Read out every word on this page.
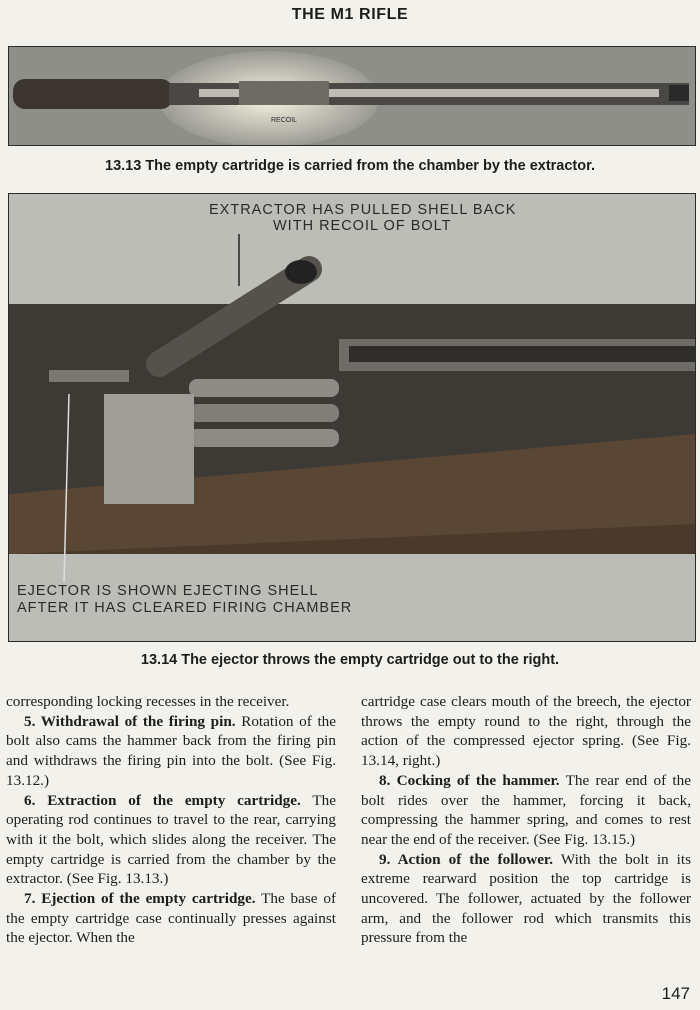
THE M1 RIFLE
RECOIL
13.13 The empty cartridge is carried from the chamber by the extractor.
EXTRACTOR HAS PULLED SHELL BACK
WITH RECOIL OF BOLT
EJECTOR IS SHOWN EJECTING SHELL
AFTER IT HAS CLEARED FIRING CHAMBER
13.14 The ejector throws the empty cartridge out to the right.

corresponding locking recesses in the receiver.

5. Withdrawal of the firing pin. Rotation of the bolt also cams the hammer back from the firing pin and withdraws the firing pin into the bolt. (See Fig. 13.12.)

6. Extraction of the empty cartridge. The operating rod continues to travel to the rear, carrying with it the bolt, which slides along the receiver. The empty cartridge is carried from the chamber by the extractor. (See Fig. 13.13.)

7. Ejection of the empty cartridge. The base of the empty cartridge case continually presses against the ejector. When the

cartridge case clears mouth of the breech, the ejector throws the empty round to the right, through the action of the compressed ejector spring. (See Fig. 13.14, right.)

8. Cocking of the hammer. The rear end of the bolt rides over the hammer, forcing it back, compressing the hammer spring, and comes to rest near the end of the receiver. (See Fig. 13.15.)

9. Action of the follower. With the bolt in its extreme rearward position the top cartridge is uncovered. The follower, actuated by the follower arm, and the follower rod which transmits this pressure from the

147
